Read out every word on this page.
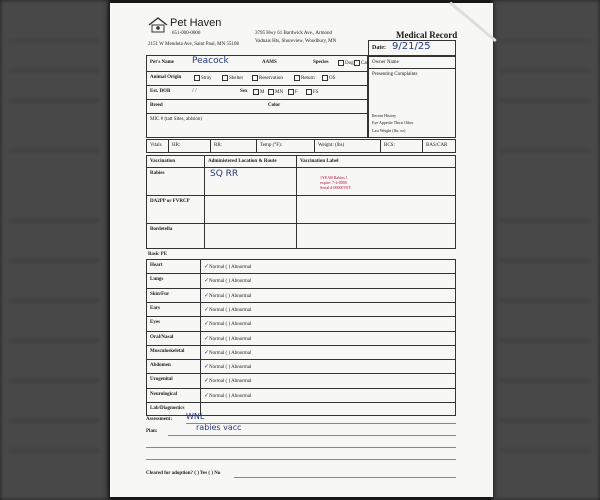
Pet Haven
651-000-0000
2151 W Mendota Ave, Saint Paul, MN 55108
3795 Hwy 61 Bardwick Ave., Armond
Vadnais Hts, Shoreview, Woodbury, MN
Medical Record
Date: 9/21/25
Pet's Name Peacock	AAMS	Species	Dog	Cat
Animal Origin	Stray	Shelter	Reservation	Return	OS
Est. DOB	/ /	Sex	M	MN	F	FS
Breed	Color
MIC # (tatt Sites, ablsion)
Owner Name
Presenting Complaints
Recent History
Eye Appetite Thirst Other
Last Weight (lbs, oz)
Vitals HR:	RR:	Temp (°F):	Weight: (lbs)	BCS:	BAS/CAR
Vaccination	Administered Location & Route	Vaccination Label
Rabies	SQ RR	1YEAR Rabies 1
expire: 7-4-0000
Serial # 00000VET
DA2PP or FVRCP
Bordetella
Basic PE
Heart	✓Normal ( ) Abnormal
Lungs	✓Normal ( ) Abnormal
Skin/Fur	✓Normal ( ) Abnormal
Ears	✓Normal ( ) Abnormal
Eyes	✓Normal ( ) Abnormal
Oral/Nasal	✓Normal ( ) Abnormal
Musculoskeletal	✓Normal ( ) Abnormal
Abdomen	✓Normal ( ) Abnormal
Urogenital	✓Normal ( ) Abnormal
Neurological	✓Normal ( ) Abnormal
Lab/Diagnostics
Assessment: WNL
Plan:	rabies vacc
Cleared for adoption? ( ) Yes ( ) No
